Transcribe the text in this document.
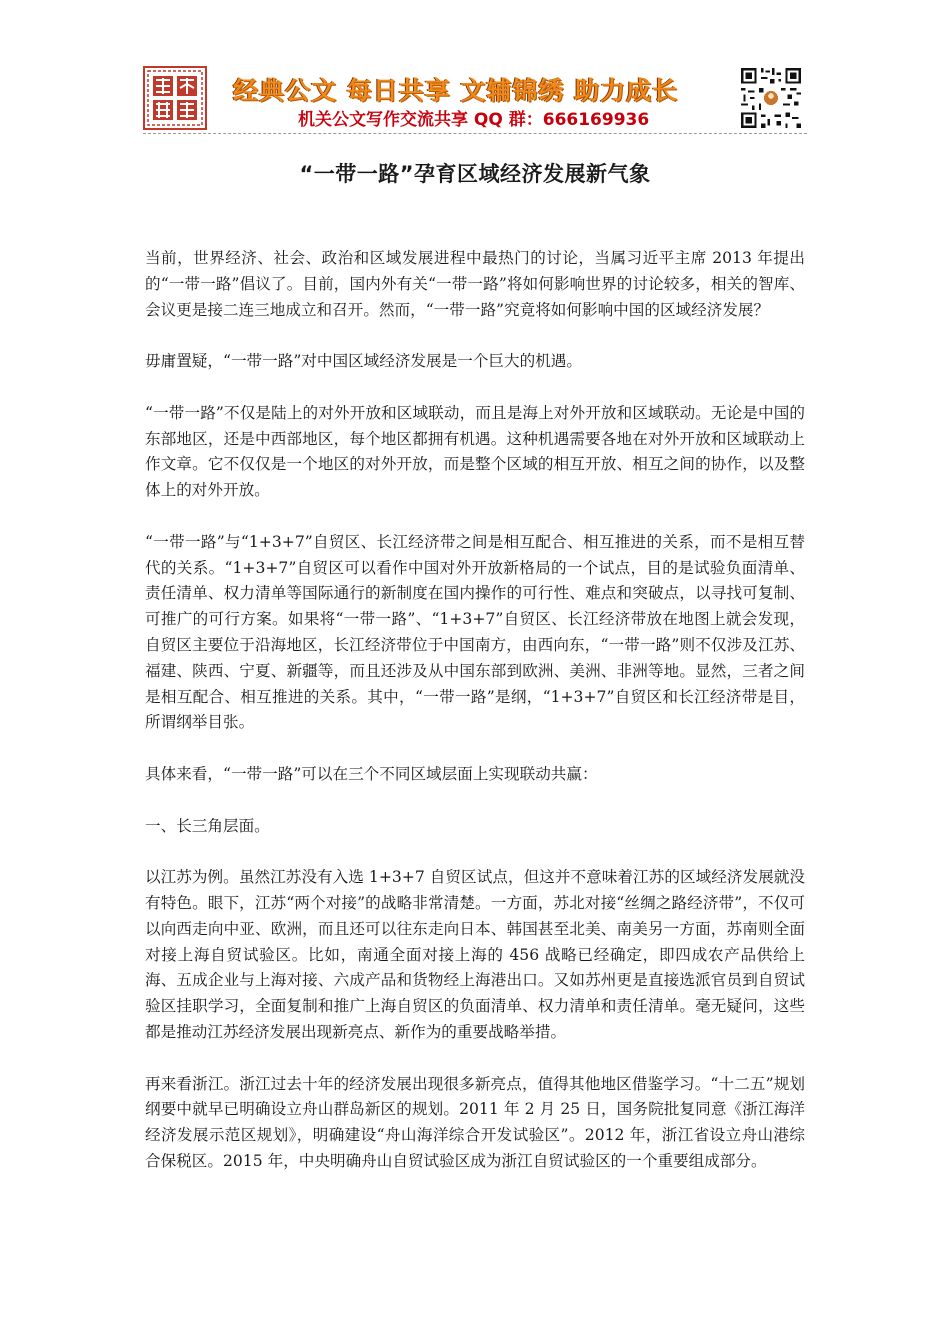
经典公文 每日共享 文辅锦绣 助力成长
机关公文写作交流共享 QQ 群：666169936
“一带一路”孕育区域经济发展新气象

当前，世界经济、社会、政治和区域发展进程中最热门的讨论，当属习近平主席 2013 年提出的“一带一路”倡议了。目前，国内外有关“一带一路”将如何影响世界的讨论较多，相关的智库、会议更是接二连三地成立和召开。然而，“一带一路”究竟将如何影响中国的区域经济发展？

毋庸置疑，“一带一路”对中国区域经济发展是一个巨大的机遇。

“一带一路”不仅是陆上的对外开放和区域联动，而且是海上对外开放和区域联动。无论是中国的东部地区，还是中西部地区，每个地区都拥有机遇。这种机遇需要各地在对外开放和区域联动上作文章。它不仅仅是一个地区的对外开放，而是整个区域的相互开放、相互之间的协作，以及整体上的对外开放。

“一带一路”与“1+3+7”自贸区、长江经济带之间是相互配合、相互推进的关系，而不是相互替代的关系。“1+3+7”自贸区可以看作中国对外开放新格局的一个试点，目的是试验负面清单、责任清单、权力清单等国际通行的新制度在国内操作的可行性、难点和突破点，以寻找可复制、可推广的可行方案。如果将“一带一路”、“1+3+7”自贸区、长江经济带放在地图上就会发现，自贸区主要位于沿海地区，长江经济带位于中国南方，由西向东，“一带一路”则不仅涉及江苏、福建、陕西、宁夏、新疆等，而且还涉及从中国东部到欧洲、美洲、非洲等地。显然，三者之间是相互配合、相互推进的关系。其中，“一带一路”是纲，“1+3+7”自贸区和长江经济带是目，所谓纲举目张。

具体来看，“一带一路”可以在三个不同区域层面上实现联动共赢：

一、长三角层面。

以江苏为例。虽然江苏没有入选 1+3+7 自贸区试点，但这并不意味着江苏的区域经济发展就没有特色。眼下，江苏“两个对接”的战略非常清楚。一方面，苏北对接“丝绸之路经济带”，不仅可以向西走向中亚、欧洲，而且还可以往东走向日本、韩国甚至北美、南美另一方面，苏南则全面对接上海自贸试验区。比如，南通全面对接上海的 456 战略已经确定，即四成农产品供给上海、五成企业与上海对接、六成产品和货物经上海港出口。又如苏州更是直接选派官员到自贸试验区挂职学习，全面复制和推广上海自贸区的负面清单、权力清单和责任清单。毫无疑问，这些都是推动江苏经济发展出现新亮点、新作为的重要战略举措。

再来看浙江。浙江过去十年的经济发展出现很多新亮点，值得其他地区借鉴学习。“十二五”规划纲要中就早已明确设立舟山群岛新区的规划。2011 年 2 月 25 日，国务院批复同意《浙江海洋经济发展示范区规划》，明确建设“舟山海洋综合开发试验区”。2012 年，浙江省设立舟山港综合保税区。2015 年，中央明确舟山自贸试验区成为浙江自贸试验区的一个重要组成部分。
